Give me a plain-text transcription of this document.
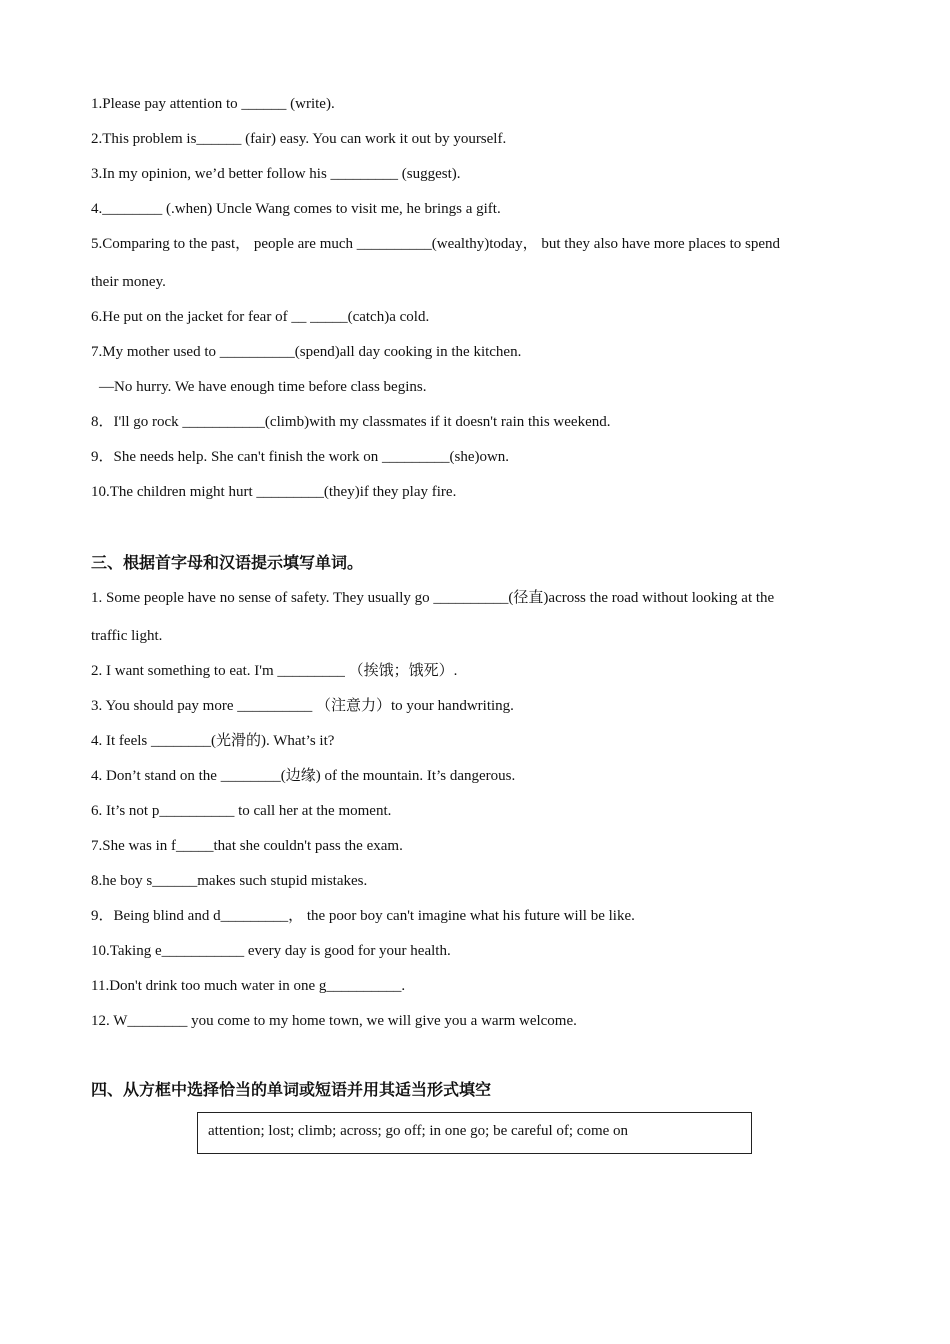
1.Please pay attention to ______ (write).
2.This problem is______ (fair) easy. You can work it out by yourself.
3.In my opinion, we’d better follow his _________ (suggest).
4.________ (.when) Uncle Wang comes to visit me, he brings a gift.
5.Comparing to the past， people are much __________(wealthy)today， but they also have more places to spend
their money.
6.He put on the jacket for fear of __ _____(catch)a cold.
7.My mother used to __________(spend)all day cooking in the kitchen.
—No hurry. We have enough time before class begins.
8．I'll go rock ___________(climb)with my classmates if it doesn't rain this weekend.
9．She needs help. She can't finish the work on _________(she)own.
10.The children might hurt _________(they)if they play fire.
三、根据首字母和汉语提示填写单词。
1. Some people have no sense of safety. They usually go __________(径直)across the road without looking at the
traffic light.
2. I want something to eat. I'm _________ （挨饿；饿死）.
3. You should pay more __________ （注意力）to your handwriting.
4. It feels ________(光滑的). What’s it?
4. Don’t stand on the ________(边缘) of the mountain. It’s dangerous.
6. It’s not p__________ to call her at the moment.
7.She was in f_____that she couldn't pass the exam.
8.he boy s______makes such stupid mistakes.
9．Being blind and d_________， the poor boy can't imagine what his future will be like.
10.Taking e___________ every day is good for your health.
11.Don't drink too much water in one g__________.
12. W________ you come to my home town, we will give you a warm welcome.
四、从方框中选择恰当的单词或短语并用其适当形式填空
attention; lost; climb; across; go off; in one go; be careful of; come on
